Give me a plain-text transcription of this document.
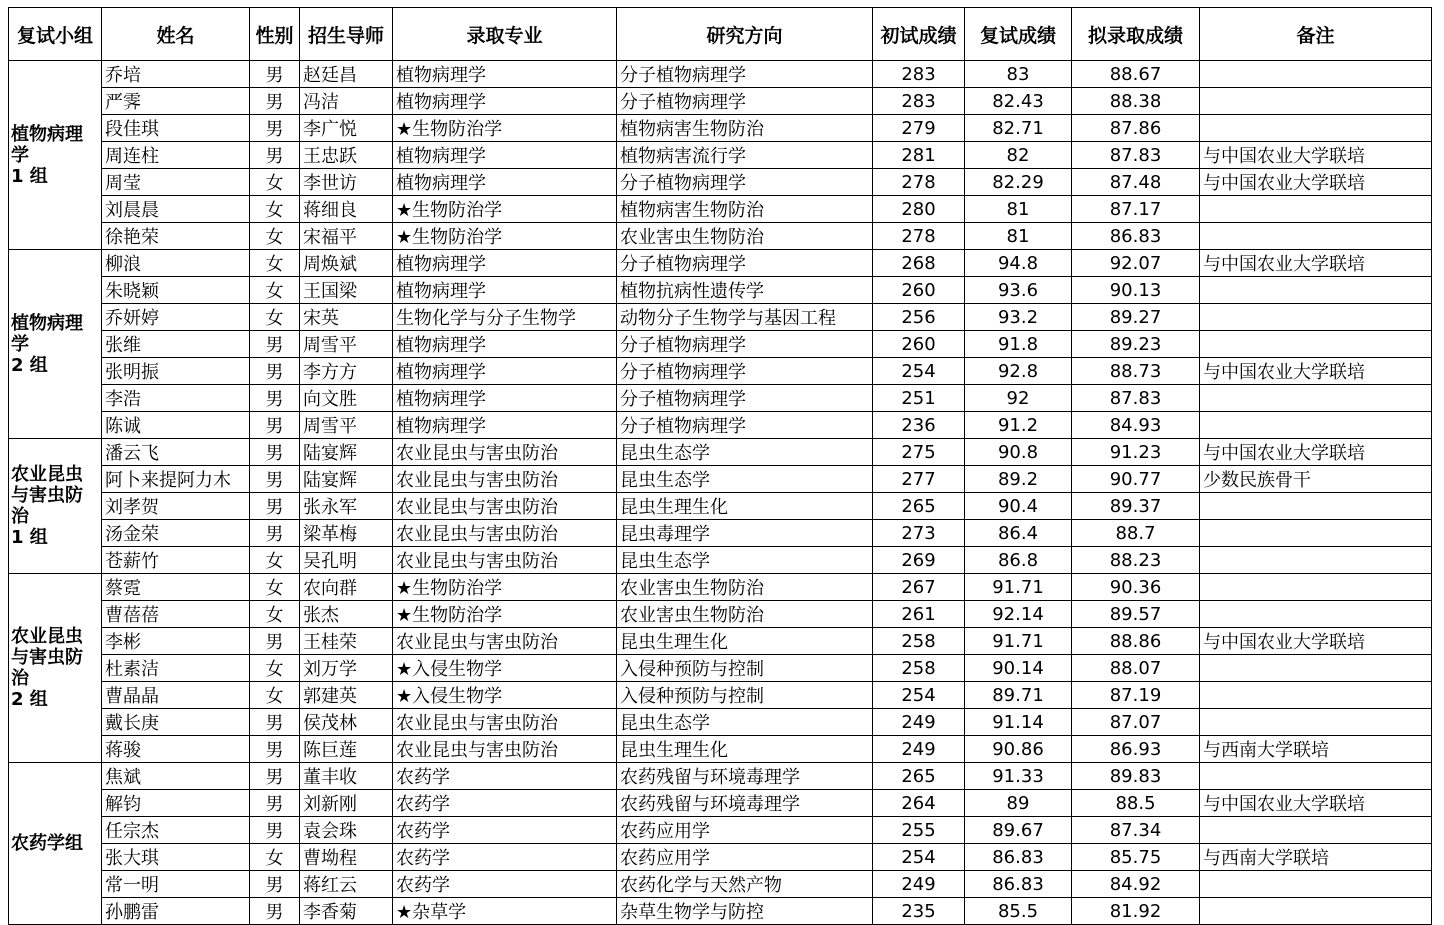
复试小组	姓名	性别	招生导师	录取专业	研究方向	初试成绩	复试成绩	拟录取成绩	备注

植物病理
学
1 组	乔培	男	赵廷昌	植物病理学	分子植物病理学	283	83	88.67	
	严霁	男	冯洁	植物病理学	分子植物病理学	283	82.43	88.38	
	段佳琪	男	李广悦	★生物防治学	植物病害生物防治	279	82.71	87.86	
	周连柱	男	王忠跃	植物病理学	植物病害流行学	281	82	87.83	与中国农业大学联培
	周莹	女	李世访	植物病理学	分子植物病理学	278	82.29	87.48	与中国农业大学联培
	刘晨晨	女	蒋细良	★生物防治学	植物病害生物防治	280	81	87.17	
	徐艳荣	女	宋福平	★生物防治学	农业害虫生物防治	278	81	86.83	

植物病理
学
2 组	柳浪	女	周焕斌	植物病理学	分子植物病理学	268	94.8	92.07	与中国农业大学联培
	朱晓颖	女	王国梁	植物病理学	植物抗病性遗传学	260	93.6	90.13	
	乔妍婷	女	宋英	生物化学与分子生物学	动物分子生物学与基因工程	256	93.2	89.27	
	张维	男	周雪平	植物病理学	分子植物病理学	260	91.8	89.23	
	张明振	男	李方方	植物病理学	分子植物病理学	254	92.8	88.73	与中国农业大学联培
	李浩	男	向文胜	植物病理学	分子植物病理学	251	92	87.83	
	陈诚	男	周雪平	植物病理学	分子植物病理学	236	91.2	84.93	

农业昆虫
与害虫防
治
1 组	潘云飞	男	陆宴辉	农业昆虫与害虫防治	昆虫生态学	275	90.8	91.23	与中国农业大学联培
	阿卜来提阿力木	男	陆宴辉	农业昆虫与害虫防治	昆虫生态学	277	89.2	90.77	少数民族骨干
	刘孝贺	男	张永军	农业昆虫与害虫防治	昆虫生理生化	265	90.4	89.37	
	汤金荣	男	梁革梅	农业昆虫与害虫防治	昆虫毒理学	273	86.4	88.7	
	苍薪竹	女	吴孔明	农业昆虫与害虫防治	昆虫生态学	269	86.8	88.23	

农业昆虫
与害虫防
治
2 组	蔡霓	女	农向群	★生物防治学	农业害虫生物防治	267	91.71	90.36	
	曹蓓蓓	女	张杰	★生物防治学	农业害虫生物防治	261	92.14	89.57	
	李彬	男	王桂荣	农业昆虫与害虫防治	昆虫生理生化	258	91.71	88.86	与中国农业大学联培
	杜素洁	女	刘万学	★入侵生物学	入侵种预防与控制	258	90.14	88.07	
	曹晶晶	女	郭建英	★入侵生物学	入侵种预防与控制	254	89.71	87.19	
	戴长庚	男	侯茂林	农业昆虫与害虫防治	昆虫生态学	249	91.14	87.07	
	蒋骏	男	陈巨莲	农业昆虫与害虫防治	昆虫生理生化	249	90.86	86.93	与西南大学联培

农药学组	焦斌	男	董丰收	农药学	农药残留与环境毒理学	265	91.33	89.83	
	解钧	男	刘新刚	农药学	农药残留与环境毒理学	264	89	88.5	与中国农业大学联培
	任宗杰	男	袁会珠	农药学	农药应用学	255	89.67	87.34	
	张大琪	女	曹坳程	农药学	农药应用学	254	86.83	85.75	与西南大学联培
	常一明	男	蒋红云	农药学	农药化学与天然产物	249	86.83	84.92	
	孙鹏雷	男	李香菊	★杂草学	杂草生物学与防控	235	85.5	81.92	
